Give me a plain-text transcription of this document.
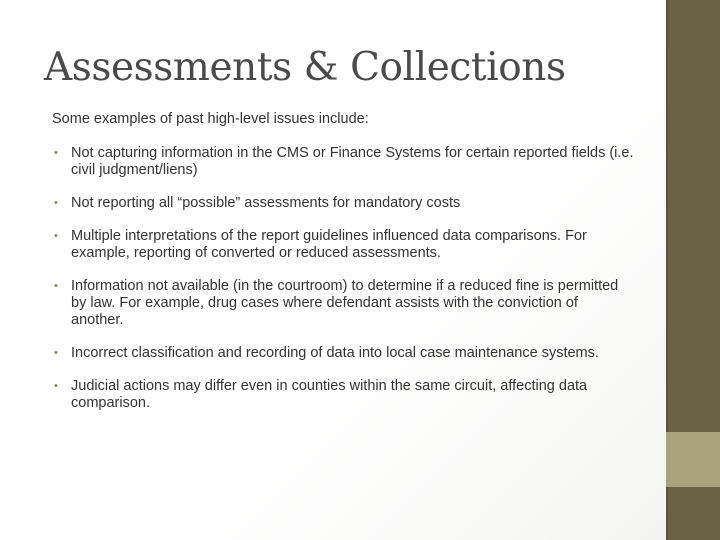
Assessments & Collections

Some examples of past high-level issues include:

• Not capturing information in the CMS or Finance Systems for certain reported fields (i.e. civil judgment/liens)
• Not reporting all “possible” assessments for mandatory costs
• Multiple interpretations of the report guidelines influenced data comparisons. For example, reporting of converted or reduced assessments.
• Information not available (in the courtroom) to determine if a reduced fine is permitted by law. For example, drug cases where defendant assists with the conviction of another.
• Incorrect classification and recording of data into local case maintenance systems.
• Judicial actions may differ even in counties within the same circuit, affecting data comparison.
